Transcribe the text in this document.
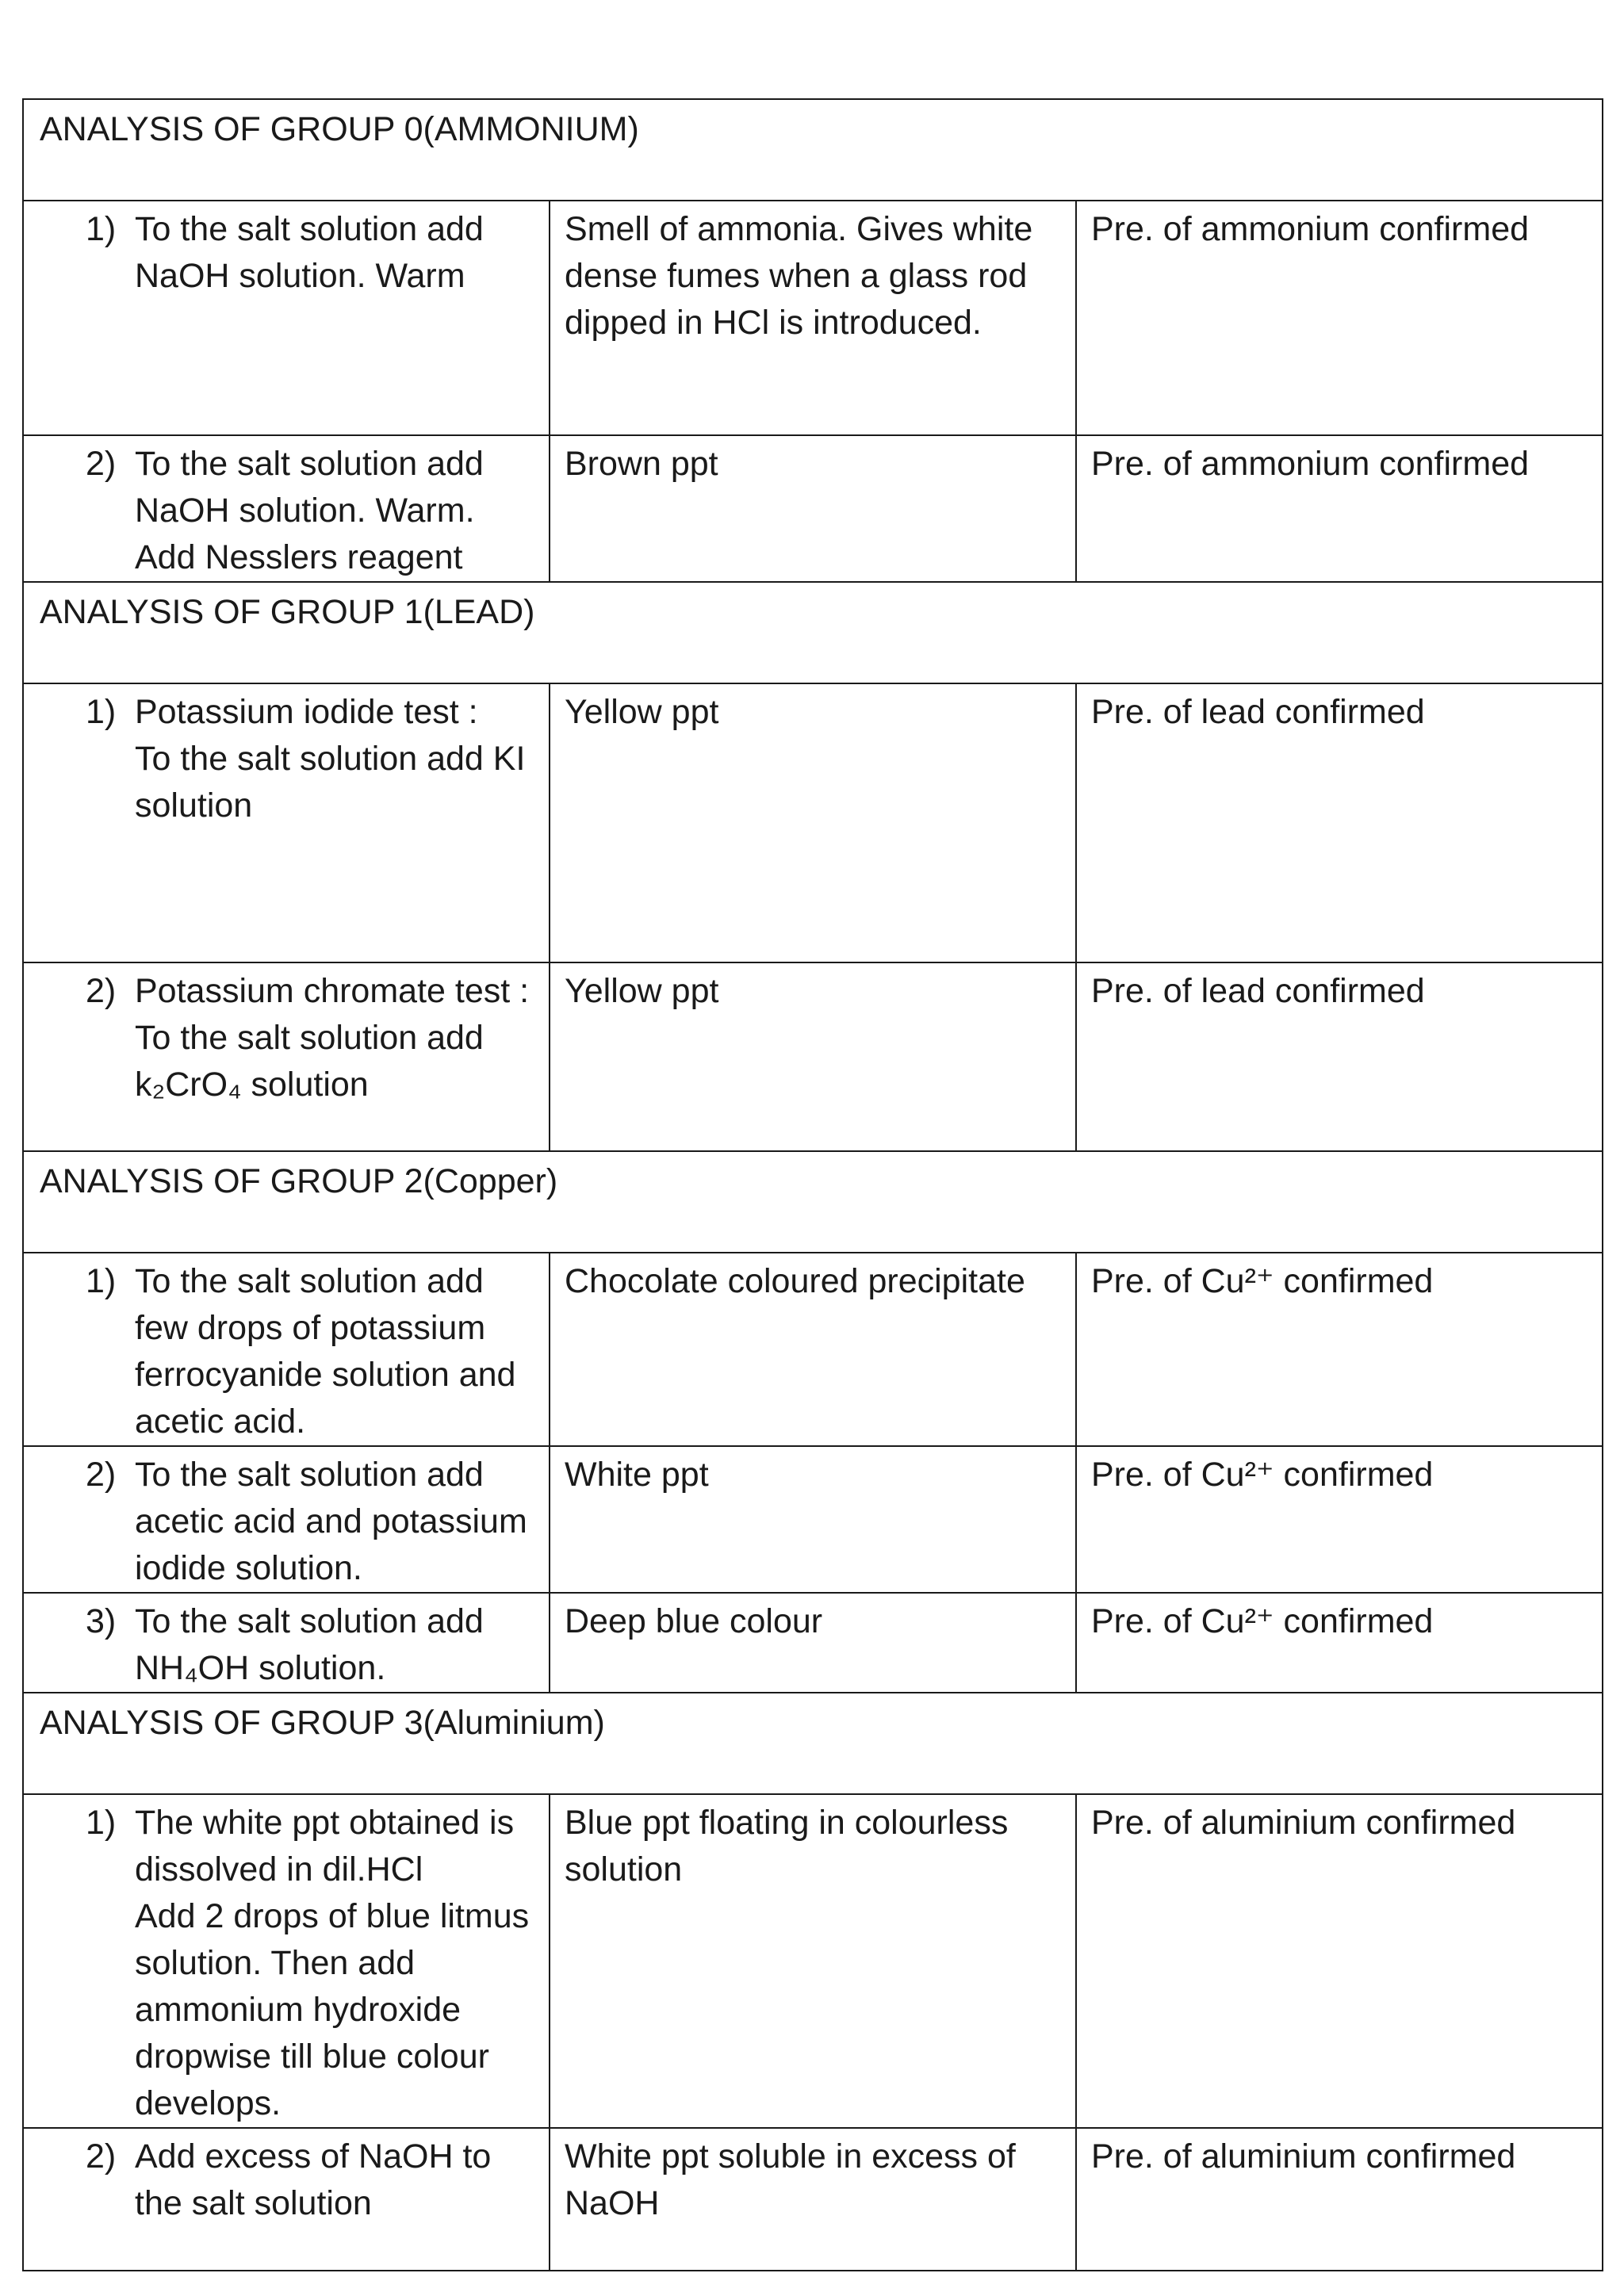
ANALYSIS OF GROUP 0(AMMONIUM)		

1) To the salt solution add NaOH solution. Warm	Smell of ammonia. Gives white dense fumes when a glass rod dipped in HCl is introduced.	Pre. of ammonium confirmed

2) To the salt solution add NaOH solution. Warm. Add Nesslers reagent	Brown ppt	Pre. of ammonium confirmed
ANALYSIS OF GROUP 1(LEAD)		

1) Potassium iodide test :
To the salt solution add KI solution	Yellow ppt	Pre. of lead confirmed

2) Potassium chromate test :
To the salt solution add k₂CrO₄ solution	Yellow ppt	Pre. of lead confirmed
ANALYSIS OF GROUP 2(Copper)		

1) To the salt solution add few drops of potassium ferrocyanide solution and acetic acid.	Chocolate coloured precipitate	Pre. of Cu²⁺ confirmed

2) To the salt solution add acetic acid and potassium iodide solution.	White ppt	Pre. of Cu²⁺ confirmed

3) To the salt solution add NH₄OH solution.	Deep blue colour	Pre. of Cu²⁺ confirmed
ANALYSIS OF GROUP 3(Aluminium)		

1) The white ppt obtained is dissolved in dil.HCl
Add 2 drops of blue litmus solution. Then add ammonium hydroxide dropwise till blue colour develops.	Blue ppt floating in colourless solution	Pre. of aluminium confirmed

2) Add excess of NaOH to the salt solution	White ppt soluble in excess of NaOH	Pre. of aluminium confirmed
